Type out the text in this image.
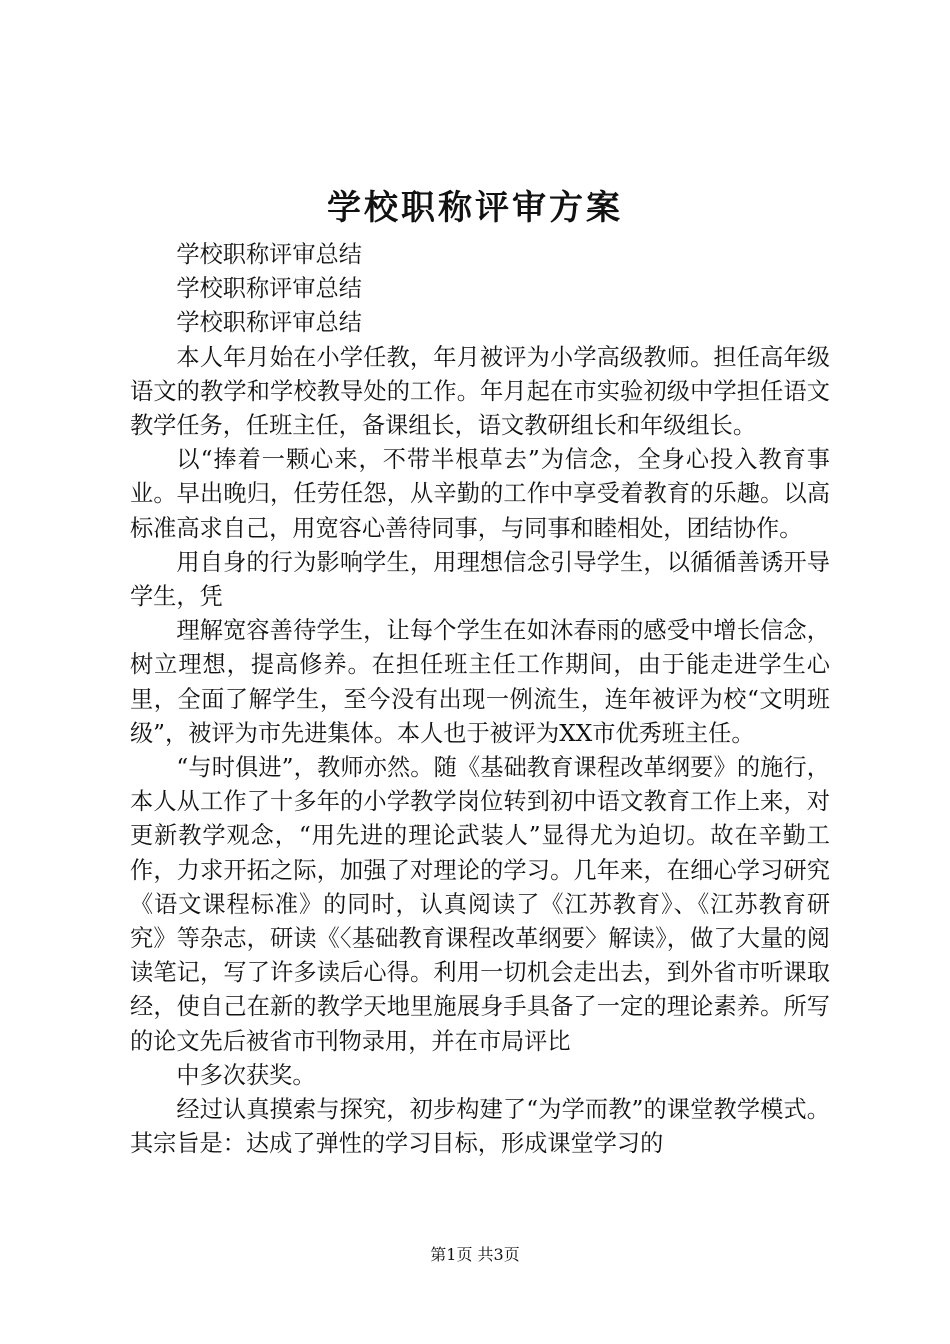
学校职称评审方案

学校职称评审总结

学校职称评审总结

学校职称评审总结

本人年月始在小学任教，年月被评为小学高级教师。担任高年级语文的教学和学校教导处的工作。年月起在市实验初级中学担任语文教学任务，任班主任，备课组长，语文教研组长和年级组长。

以“捧着一颗心来，不带半根草去”为信念，全身心投入教育事业。早出晚归，任劳任怨，从辛勤的工作中享受着教育的乐趣。以高标准高求自己，用宽容心善待同事，与同事和睦相处，团结协作。

用自身的行为影响学生，用理想信念引导学生，以循循善诱开导学生，凭

理解宽容善待学生，让每个学生在如沐春雨的感受中增长信念，树立理想，提高修养。在担任班主任工作期间，由于能走进学生心里，全面了解学生，至今没有出现一例流生，连年被评为校“文明班级”，被评为市先进集体。本人也于被评为XX市优秀班主任。

“与时俱进”，教师亦然。随《基础教育课程改革纲要》的施行，本人从工作了十多年的小学教学岗位转到初中语文教育工作上来，对更新教学观念，“用先进的理论武装人”显得尤为迫切。故在辛勤工作，力求开拓之际，加强了对理论的学习。几年来，在细心学习研究《语文课程标准》的同时，认真阅读了《江苏教育》、《江苏教育研究》等杂志，研读《〈基础教育课程改革纲要〉解读》，做了大量的阅读笔记，写了许多读后心得。利用一切机会走出去，到外省市听课取经，使自己在新的教学天地里施展身手具备了一定的理论素养。所写的论文先后被省市刊物录用，并在市局评比

中多次获奖。

经过认真摸索与探究，初步构建了“为学而教”的课堂教学模式。其宗旨是：达成了弹性的学习目标，形成课堂学习的

第1页 共3页
